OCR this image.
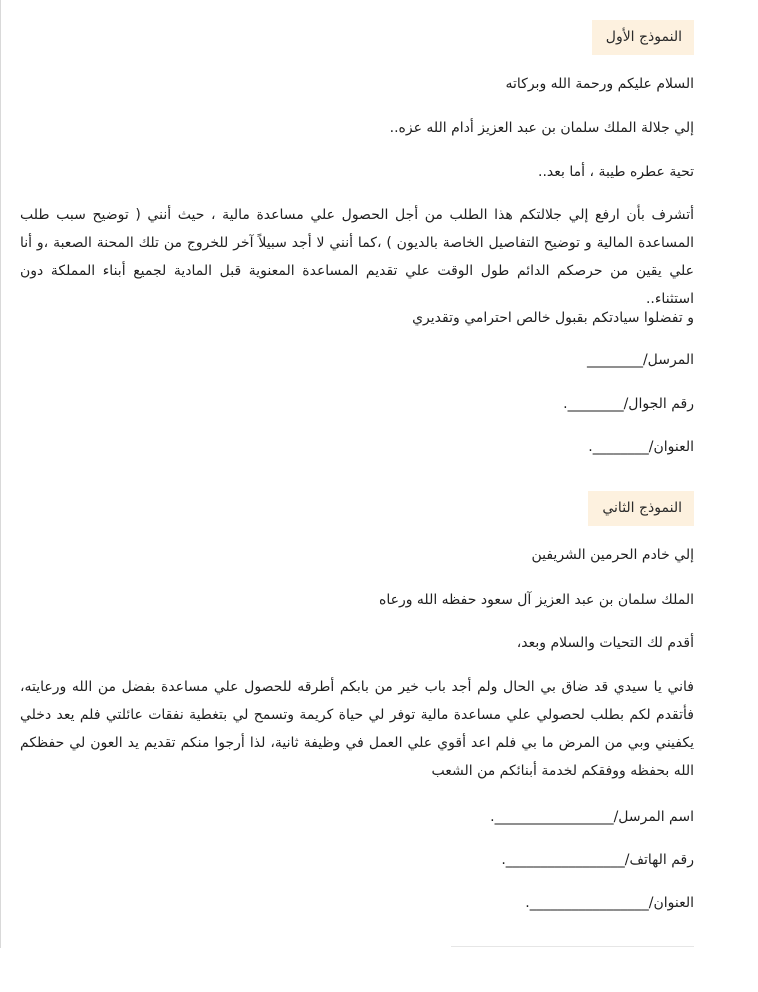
النموذج الأول
السلام عليكم ورحمة الله وبركاته
إلي جلالة الملك سلمان بن عبد العزيز أدام الله عزه..
تحية عطره طيبة ، أما بعد..
أتشرف بأن ارفع إلي جلالتكم هذا الطلب من أجل الحصول علي مساعدة مالية ، حيث أنني ( توضيح سبب طلب المساعدة المالية و توضيح التفاصيل الخاصة بالديون ) ،كما أنني لا أجد سبيلاً آخر للخروج من تلك المحنة الصعبة ،و أنا علي يقين من حرصكم الدائم طول الوقت علي تقديم المساعدة المعنوية قبل المادية لجميع أبناء المملكة دون استثناء..
و تفضلوا سيادتكم بقبول خالص احترامي وتقديري
المرسل/________
رقم الجوال/________.
العنوان/________.
النموذج الثاني
إلي خادم الحرمين الشريفين
الملك سلمان بن عبد العزيز آل سعود حفظه الله ورعاه
أقدم لك التحيات والسلام وبعد،
فاني يا سيدي قد ضاق بي الحال ولم أجد باب خير من بابكم أطرقه للحصول علي مساعدة بفضل من الله ورعايته، فأتقدم لكم بطلب لحصولي علي مساعدة مالية توفر لي حياة كريمة وتسمح لي بتغطية نفقات عائلتي فلم يعد دخلي يكفيني وبي من المرض ما بي فلم اعد أقوي علي العمل في وظيفة ثانية، لذا أرجوا منكم تقديم يد العون لي حفظكم الله بحفظه ووفقكم لخدمة أبنائكم من الشعب
اسم المرسل/_________________.
رقم الهاتف/_________________.
العنوان/_________________.
